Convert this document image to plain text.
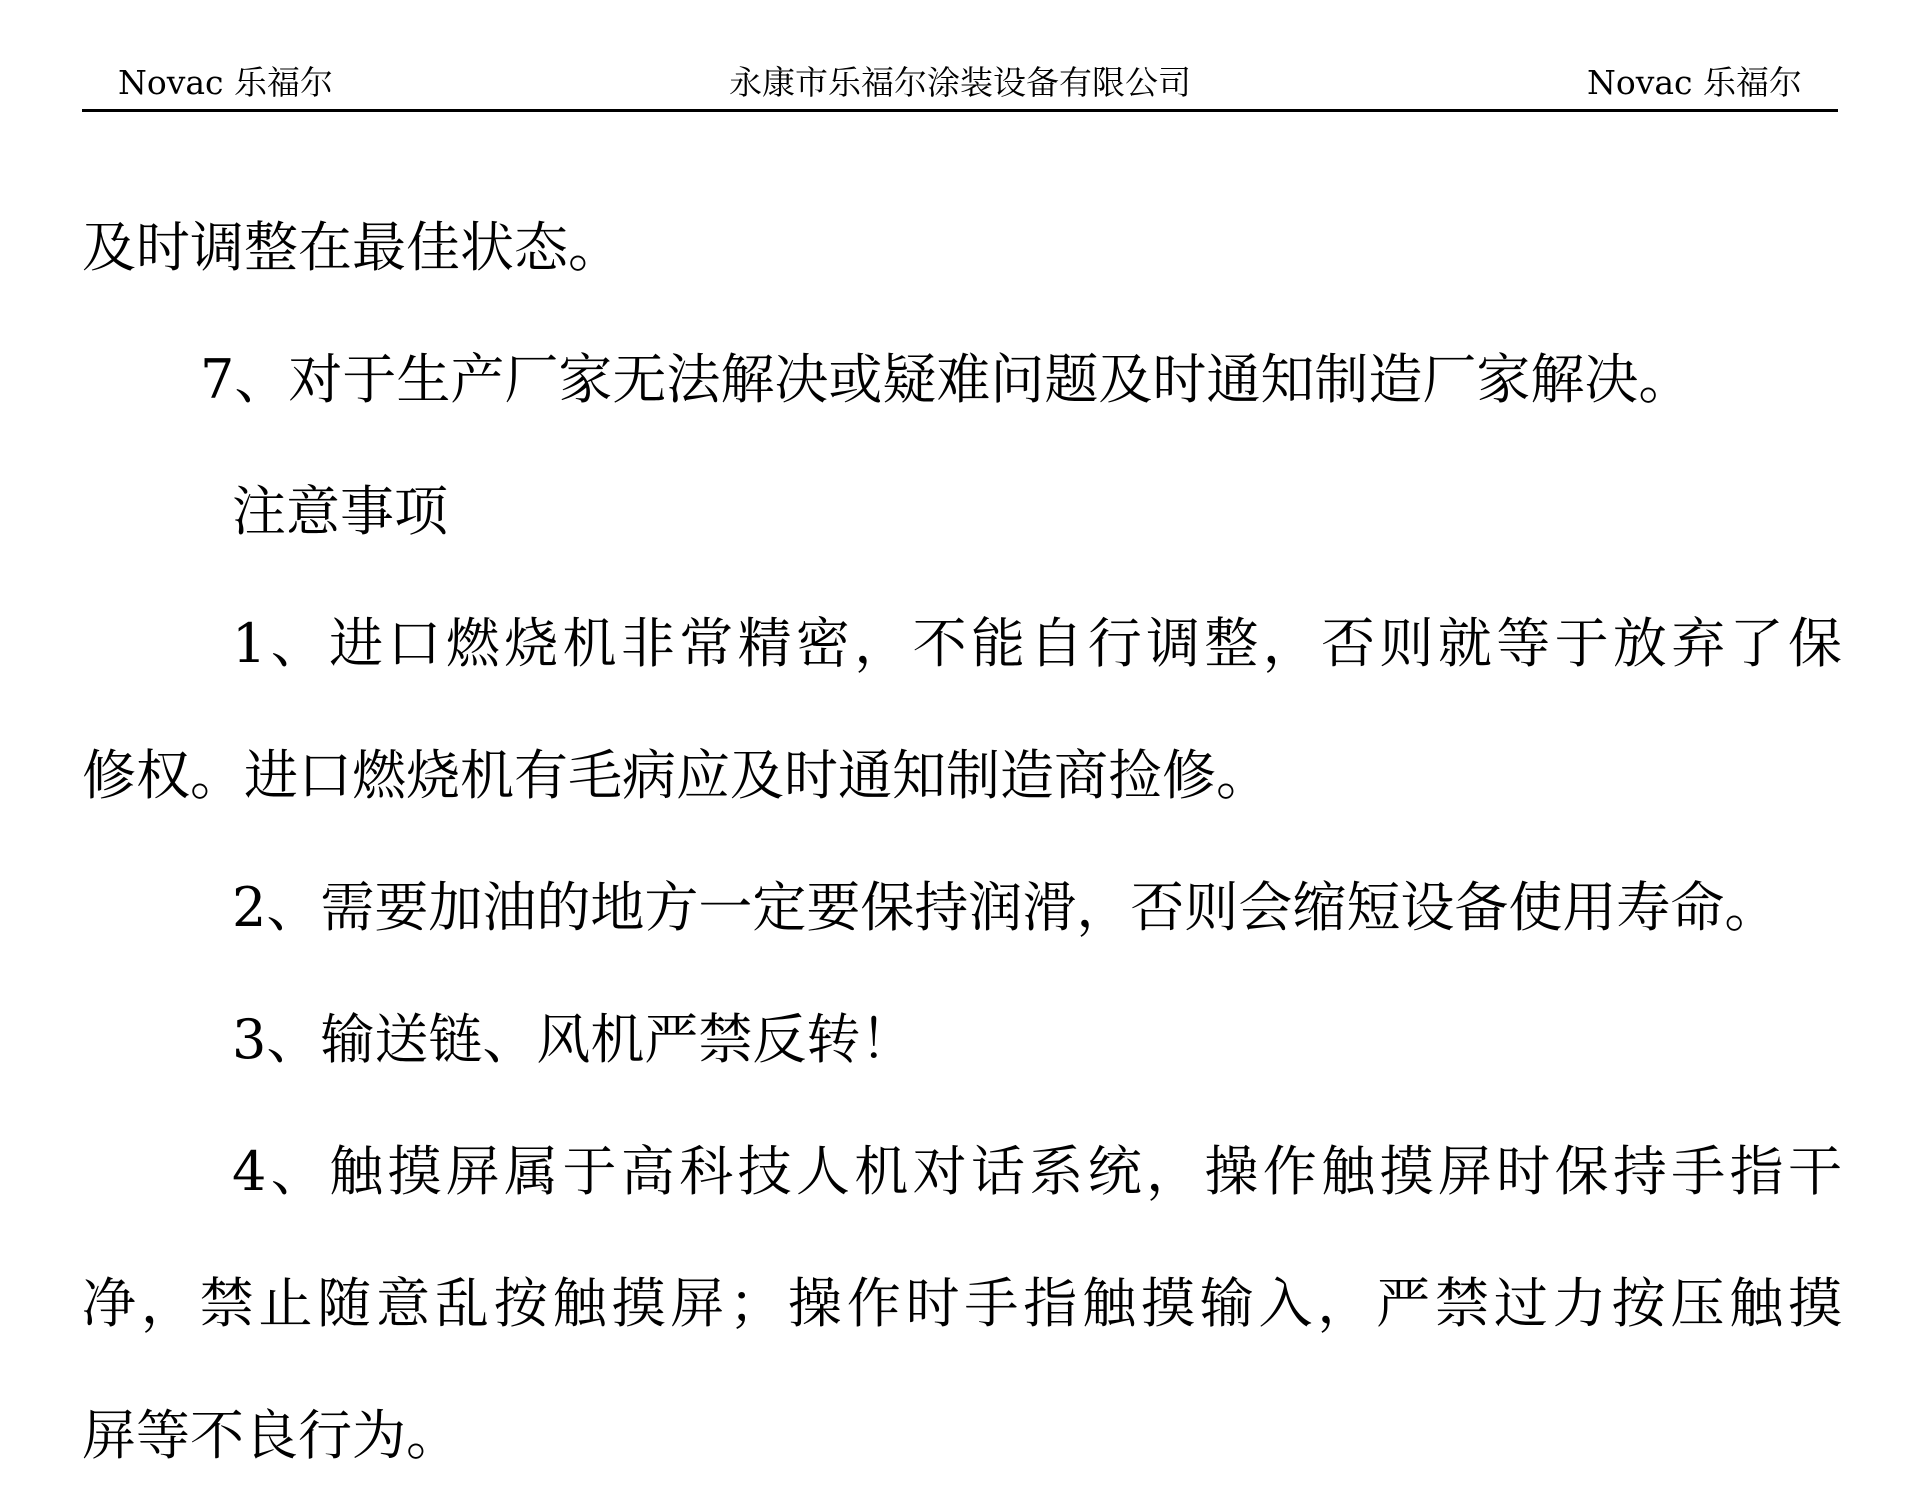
Novac 乐福尔	永康市乐福尔涂装设备有限公司	Novac 乐福尔
及时调整在最佳状态。
7、对于生产厂家无法解决或疑难问题及时通知制造厂家解决。
注意事项
1、进口燃烧机非常精密，不能自行调整，否则就等于放弃了保
修权。进口燃烧机有毛病应及时通知制造商捡修。
2、需要加油的地方一定要保持润滑，否则会缩短设备使用寿命。
3、输送链、风机严禁反转！
4、触摸屏属于高科技人机对话系统，操作触摸屏时保持手指干
净，禁止随意乱按触摸屏；操作时手指触摸输入，严禁过力按压触摸
屏等不良行为。
